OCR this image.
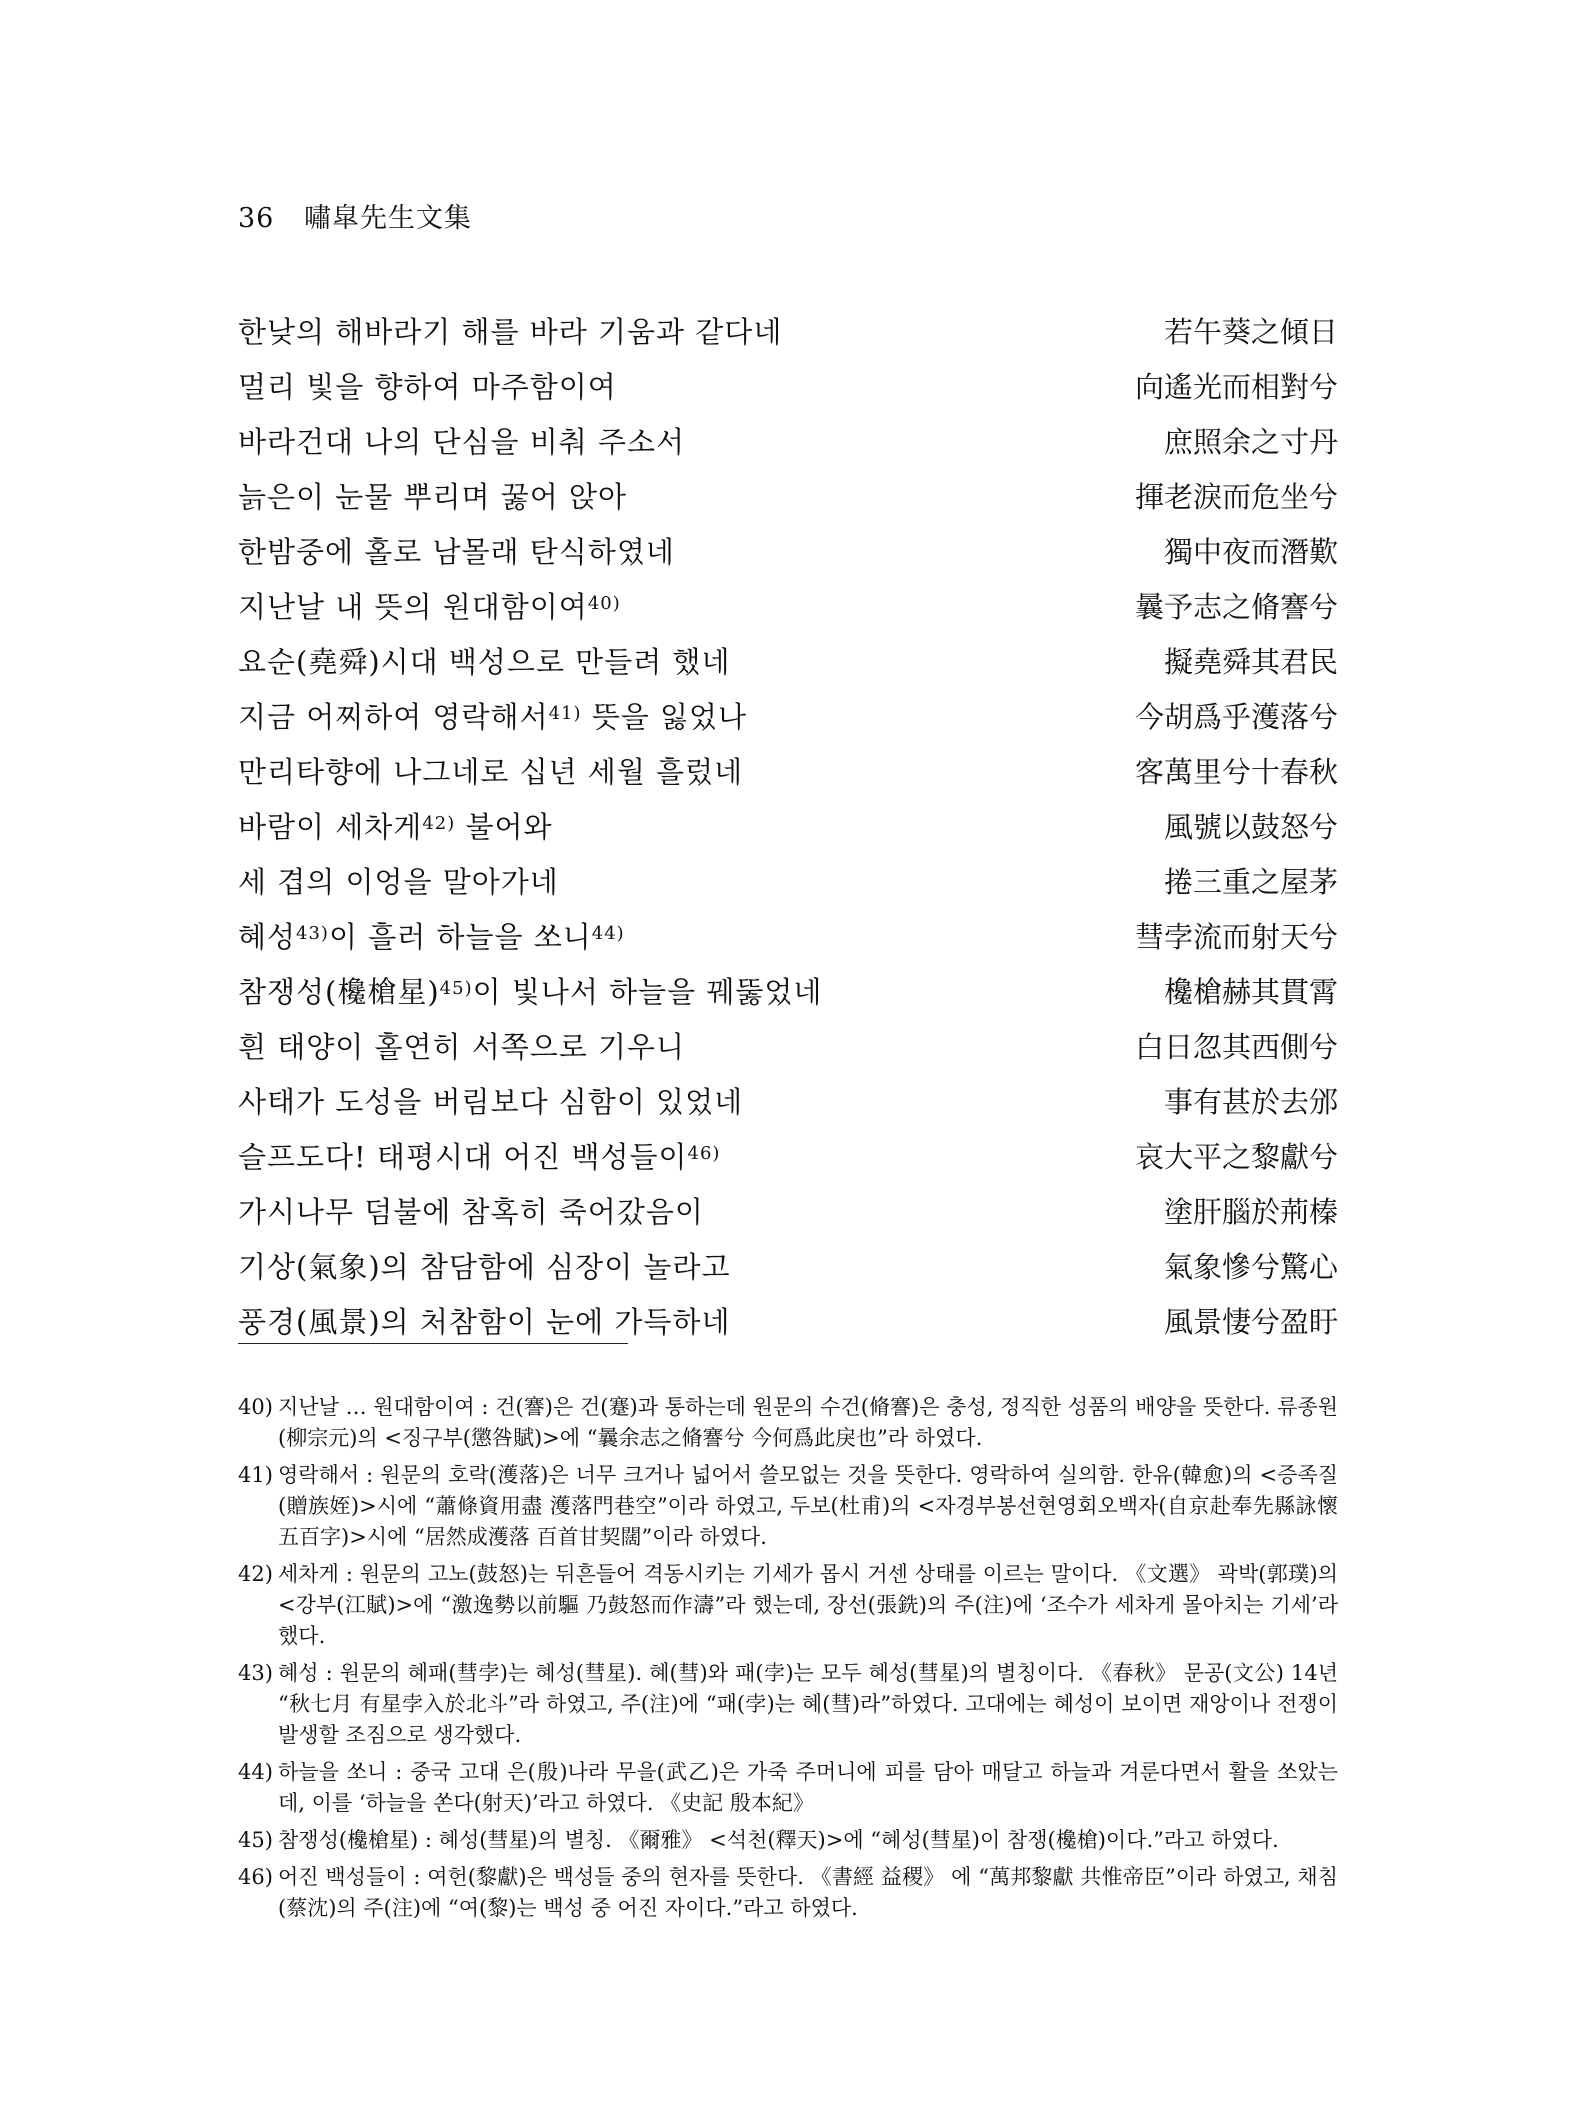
36 嘯皐先生文集
한낮의 해바라기 해를 바라 기움과 같다네	若午葵之傾日
멀리 빛을 향하여 마주함이여	向遙光而相對兮
바라건대 나의 단심을 비춰 주소서	庶照余之寸丹
늙은이 눈물 뿌리며 꿇어 앉아	揮老淚而危坐兮
한밤중에 홀로 남몰래 탄식하였네	獨中夜而潛歎
지난날 내 뜻의 원대함이여$^{40)}$	曩予志之脩謇兮
요순(堯舜)시대 백성으로 만들려 했네	擬堯舜其君民
지금 어찌하여 영락해서$^{41)}$ 뜻을 잃었나	今胡爲乎濩落兮
만리타향에 나그네로 십년 세월 흘렀네	客萬里兮十春秋
바람이 세차게$^{42)}$ 불어와	風號以鼓怒兮
세 겹의 이엉을 말아가네	捲三重之屋茅
혜성$^{43)}$이 흘러 하늘을 쏘니$^{44)}$	彗孛流而射天兮
참쟁성(欃槍星)$^{45)}$이 빛나서 하늘을 꿰뚫었네	欃槍赫其貫霄
흰 태양이 홀연히 서쪽으로 기우니	白日忽其西側兮
사태가 도성을 버림보다 심함이 있었네	事有甚於去邠
슬프도다! 태평시대 어진 백성들이$^{46)}$	哀大平之黎獻兮
가시나무 덤불에 참혹히 죽어갔음이	塗肝腦於荊榛
기상(氣象)의 참담함에 심장이 놀라고	氣象慘兮驚心
풍경(風景)의 처참함이 눈에 가득하네	風景悽兮盈盱
40) 지난날 … 원대함이여 : 건(謇)은 건(蹇)과 통하는데 원문의 수건(脩謇)은 충성, 정직한 성품의 배양을 뜻한다. 류종원(柳宗元)의 <징구부(懲咎賦)>에 “曩余志之脩謇兮 今何爲此戾也”라 하였다.
41) 영락해서 : 원문의 호락(濩落)은 너무 크거나 넓어서 쓸모없는 것을 뜻한다. 영락하여 실의함. 한유(韓愈)의 <증족질(贈族姪)>시에 “蕭條資用盡 濩落門巷空”이라 하였고, 두보(杜甫)의 <자경부봉선현영회오백자(自京赴奉先縣詠懷五百字)>시에 “居然成濩落 百首甘契闊”이라 하였다.
42) 세차게 : 원문의 고노(鼓怒)는 뒤흔들어 격동시키는 기세가 몹시 거센 상태를 이르는 말이다. 《文選》 곽박(郭璞)의 <강부(江賦)>에 “激逸勢以前驅 乃鼓怒而作濤”라 했는데, 장선(張銑)의 주(注)에 ‘조수가 세차게 몰아치는 기세’라 했다.
43) 혜성 : 원문의 혜패(彗孛)는 혜성(彗星). 혜(彗)와 패(孛)는 모두 혜성(彗星)의 별칭이다. 《春秋》 문공(文公) 14년 “秋七月 有星孛入於北斗”라 하였고, 주(注)에 “패(孛)는 혜(彗)라”하였다. 고대에는 혜성이 보이면 재앙이나 전쟁이 발생할 조짐으로 생각했다.
44) 하늘을 쏘니 : 중국 고대 은(殷)나라 무을(武乙)은 가죽 주머니에 피를 담아 매달고 하늘과 겨룬다면서 활을 쏘았는데, 이를 ‘하늘을 쏜다(射天)’라고 하였다. 《史記 殷本紀》
45) 참쟁성(欃槍星) : 혜성(彗星)의 별칭. 《爾雅》 <석천(釋天)>에 “혜성(彗星)이 참쟁(欃槍)이다.”라고 하였다.
46) 어진 백성들이 : 여헌(黎獻)은 백성들 중의 현자를 뜻한다. 《書經 益稷》 에 “萬邦黎獻 共惟帝臣”이라 하였고, 채침(蔡沈)의 주(注)에 “여(黎)는 백성 중 어진 자이다.”라고 하였다.
